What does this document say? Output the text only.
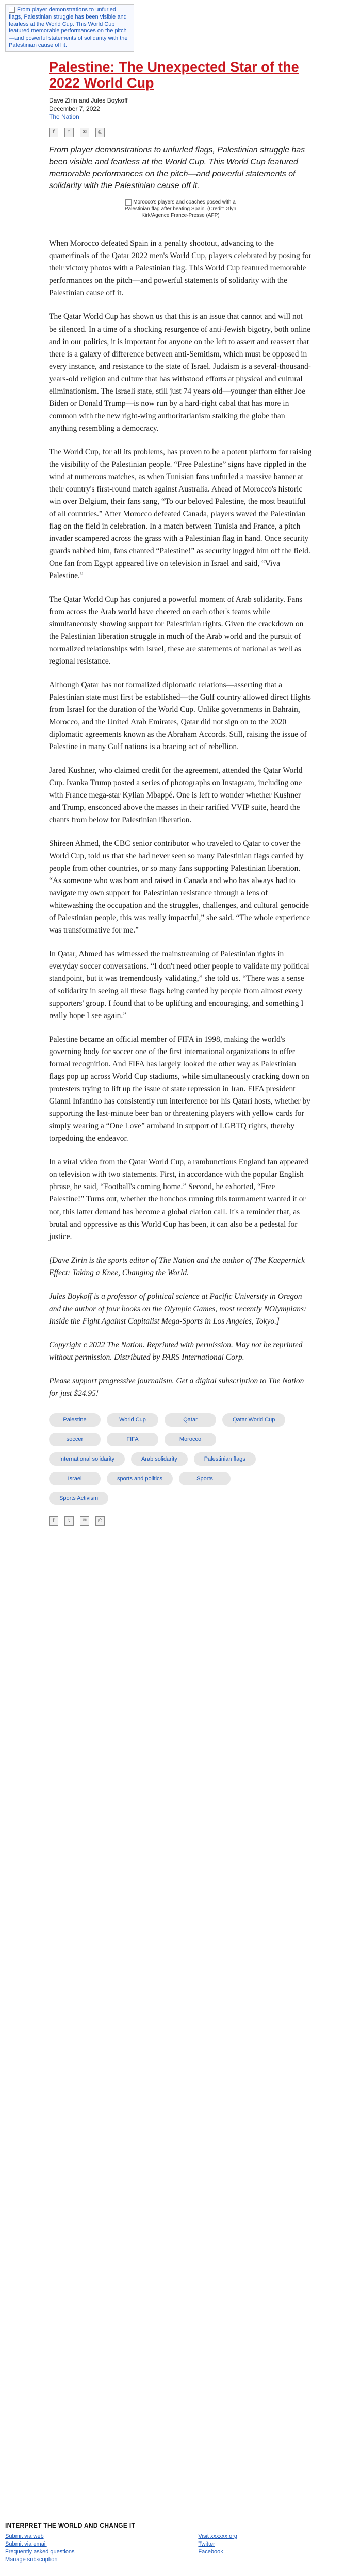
From player demonstrations to unfurled flags, Palestinian struggle has been visible and fearless at the World Cup. This World Cup featured memorable performances on the pitch—and powerful statements of solidarity with the Palestinian cause off it.
Palestine: The Unexpected Star of the 2022 World Cup
Dave Zirin and Jules Boykoff
December 7, 2022
The Nation
f	t	✉	⎙

From player demonstrations to unfurled flags, Palestinian struggle has been visible and fearless at the World Cup. This World Cup featured memorable performances on the pitch—and powerful statements of solidarity with the Palestinian cause off it.

Morocco's players and coaches posed with a Palestinian flag after beating Spain. (Credit: Glyn Kirk/Agence France-Presse (AFP)

When Morocco defeated Spain in a penalty shootout, advancing to the quarterfinals of the Qatar 2022 men's World Cup, players celebrated by posing for their victory photos with a Palestinian flag. This World Cup featured memorable performances on the pitch—and powerful statements of solidarity with the Palestinian cause off it.

The Qatar World Cup has shown us that this is an issue that cannot and will not be silenced. In a time of a shocking resurgence of anti-Jewish bigotry, both online and in our politics, it is important for anyone on the left to assert and reassert that there is a galaxy of difference between anti-Semitism, which must be opposed in every instance, and resistance to the state of Israel. Judaism is a several-thousand-years-old religion and culture that has withstood efforts at physical and cultural eliminationism. The Israeli state, still just 74 years old—younger than either Joe Biden or Donald Trump—is now run by a hard-right cabal that has more in common with the new right-wing authoritarianism stalking the globe than anything resembling a democracy.

The World Cup, for all its problems, has proven to be a potent platform for raising the visibility of the Palestinian people. “Free Palestine” signs have rippled in the wind at numerous matches, as when Tunisian fans unfurled a massive banner at their country's first-round match against Australia. Ahead of Morocco's historic win over Belgium, their fans sang, “To our beloved Palestine, the most beautiful of all countries.” After Morocco defeated Canada, players waved the Palestinian flag on the field in celebration. In a match between Tunisia and France, a pitch invader scampered across the grass with a Palestinian flag in hand. Once security guards nabbed him, fans chanted “Palestine!” as security lugged him off the field. One fan from Egypt appeared live on television in Israel and said, “Viva Palestine.”

The Qatar World Cup has conjured a powerful moment of Arab solidarity. Fans from across the Arab world have cheered on each other's teams while simultaneously showing support for Palestinian rights. Given the crackdown on the Palestinian liberation struggle in much of the Arab world and the pursuit of normalized relationships with Israel, these are statements of national as well as regional resistance.

Although Qatar has not formalized diplomatic relations—asserting that a Palestinian state must first be established—the Gulf country allowed direct flights from Israel for the duration of the World Cup. Unlike governments in Bahrain, Morocco, and the United Arab Emirates, Qatar did not sign on to the 2020 diplomatic agreements known as the Abraham Accords. Still, raising the issue of Palestine in many Gulf nations is a bracing act of rebellion.

Jared Kushner, who claimed credit for the agreement, attended the Qatar World Cup. Ivanka Trump posted a series of photographs on Instagram, including one with France mega-star Kylian Mbappé. One is left to wonder whether Kushner and Trump, ensconced above the masses in their rarified VVIP suite, heard the chants from below for Palestinian liberation.

Shireen Ahmed, the CBC senior contributor who traveled to Qatar to cover the World Cup, told us that she had never seen so many Palestinian flags carried by people from other countries, or so many fans supporting Palestinian liberation. “As someone who was born and raised in Canada and who has always had to navigate my own support for Palestinian resistance through a lens of whitewashing the occupation and the struggles, challenges, and cultural genocide of Palestinian people, this was really impactful,” she said. “The whole experience was transformative for me.”

In Qatar, Ahmed has witnessed the mainstreaming of Palestinian rights in everyday soccer conversations. “I don't need other people to validate my political standpoint, but it was tremendously validating,” she told us. “There was a sense of solidarity in seeing all these flags being carried by people from almost every supporters' group. I found that to be uplifting and encouraging, and something I really hope I see again.”

Palestine became an official member of FIFA in 1998, making the world's governing body for soccer one of the first international organizations to offer formal recognition. And FIFA has largely looked the other way as Palestinian flags pop up across World Cup stadiums, while simultaneously cracking down on protesters trying to lift up the issue of state repression in Iran. FIFA president Gianni Infantino has consistently run interference for his Qatari hosts, whether by supporting the last-minute beer ban or threatening players with yellow cards for simply wearing a “One Love” armband in support of LGBTQ rights, thereby torpedoing the endeavor.

In a viral video from the Qatar World Cup, a rambunctious England fan appeared on television with two statements. First, in accordance with the popular English phrase, he said, “Football's coming home.” Second, he exhorted, “Free Palestine!” Turns out, whether the honchos running this tournament wanted it or not, this latter demand has become a global clarion call. It's a reminder that, as brutal and oppressive as this World Cup has been, it can also be a pedestal for justice.

[Dave Zirin is the sports editor of The Nation and the author of The Kaepernick Effect: Taking a Knee, Changing the World.

Jules Boykoff is a professor of political science at Pacific University in Oregon and the author of four books on the Olympic Games, most recently NOlympians: Inside the Fight Against Capitalist Mega-Sports in Los Angeles, Tokyo.]

Copyright c 2022 The Nation. Reprinted with permission. May not be reprinted without permission. Distributed by PARS International Corp.

Please support progressive journalism. Get a digital subscription to The Nation for just $24.95!

Palestine	World Cup	Qatar	Qatar World Cup
soccer	FIFA	Morocco
International solidarity	Arab solidarity	Palestinian flags
Israel	sports and politics	Sports
Sports Activism
f	t	✉	⎙
INTERPRET THE WORLD AND CHANGE IT
Submit via web
Submit via email
Frequently asked questions
Manage subscription
Visit xxxxxx.org
Twitter
Facebook
